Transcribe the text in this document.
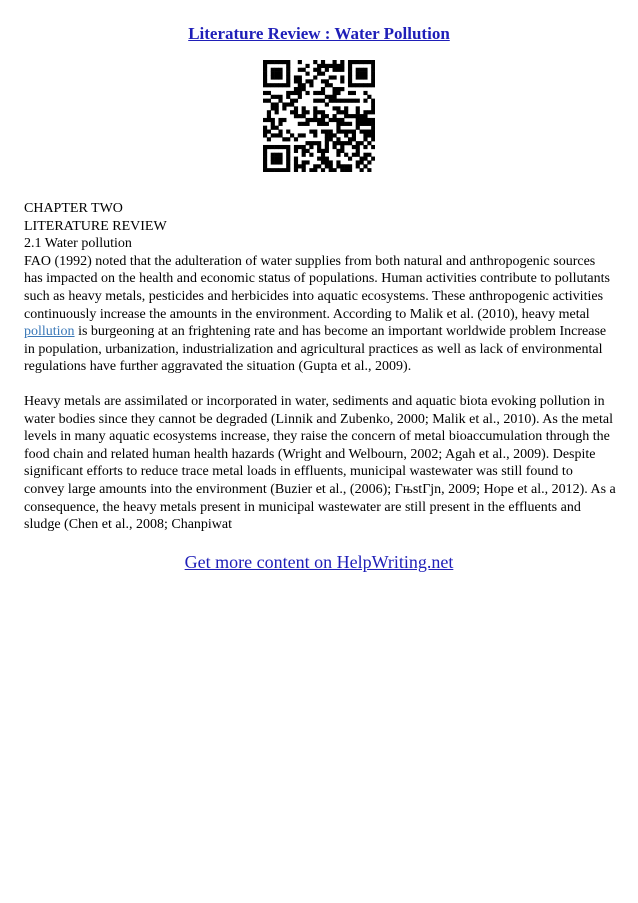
Literature Review : Water Pollution

CHAPTER TWO

LITERATURE REVIEW

2.1 Water pollution

FAO (1992) noted that the adulteration of water supplies from both natural and anthropogenic sources has impacted on the health and economic status of populations. Human activities contribute to pollutants such as heavy metals, pesticides and herbicides into aquatic ecosystems. These anthropogenic activities continuously increase the amounts in the environment. According to Malik et al. (2010), heavy metal pollution is burgeoning at an frightening rate and has become an important worldwide problem Increase in population, urbanization, industrialization and agricultural practices as well as lack of environmental regulations have further aggravated the situation (Gupta et al., 2009).

Heavy metals are assimilated or incorporated in water, sediments and aquatic biota evoking pollution in water bodies since they cannot be degraded (Linnik and Zubenko, 2000; Malik et al., 2010). As the metal levels in many aquatic ecosystems increase, they raise the concern of metal bioaccumulation through the food chain and related human health hazards (Wright and Welbourn, 2002; Agah et al., 2009). Despite significant efforts to reduce trace metal loads in effluents, municipal wastewater was still found to convey large amounts into the environment (Buzier et al., (2006); ГњstГјn, 2009; Hope et al., 2012). As a consequence, the heavy metals present in municipal wastewater are still present in the effluents and sludge (Chen et al., 2008; Chanpiwat

Get more content on HelpWriting.net
